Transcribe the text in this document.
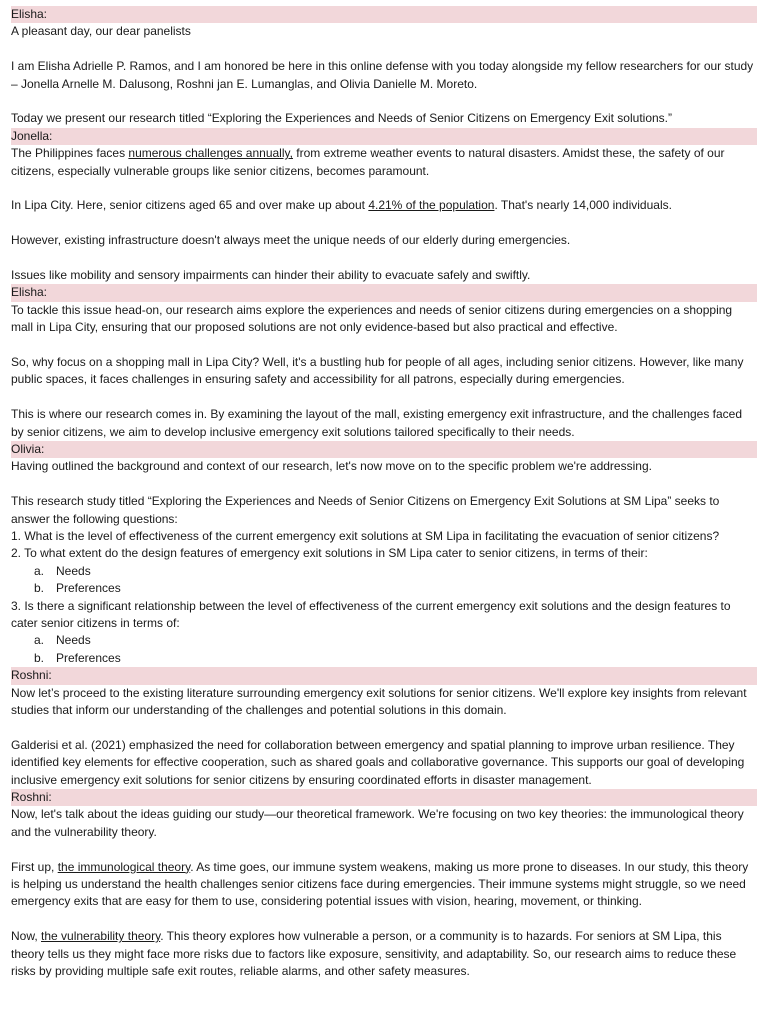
Elisha:
A pleasant day, our dear panelists
I am Elisha Adrielle P. Ramos, and I am honored be here in this online defense with you today alongside my fellow researchers for our study – Jonella Arnelle M. Dalusong, Roshni jan E. Lumanglas, and Olivia Danielle M. Moreto.
Today we present our research titled “Exploring the Experiences and Needs of Senior Citizens on Emergency Exit solutions.”
Jonella:
The Philippines faces numerous challenges annually, from extreme weather events to natural disasters. Amidst these, the safety of our citizens, especially vulnerable groups like senior citizens, becomes paramount.
In Lipa City. Here, senior citizens aged 65 and over make up about 4.21% of the population. That's nearly 14,000 individuals.
However, existing infrastructure doesn't always meet the unique needs of our elderly during emergencies.
Issues like mobility and sensory impairments can hinder their ability to evacuate safely and swiftly.
Elisha:
To tackle this issue head-on, our research aims explore the experiences and needs of senior citizens during emergencies on a shopping mall in Lipa City, ensuring that our proposed solutions are not only evidence-based but also practical and effective.
So, why focus on a shopping mall in Lipa City? Well, it's a bustling hub for people of all ages, including senior citizens. However, like many public spaces, it faces challenges in ensuring safety and accessibility for all patrons, especially during emergencies.
This is where our research comes in. By examining the layout of the mall, existing emergency exit infrastructure, and the challenges faced by senior citizens, we aim to develop inclusive emergency exit solutions tailored specifically to their needs.
Olivia:
Having outlined the background and context of our research, let's now move on to the specific problem we're addressing.
This research study titled “Exploring the Experiences and Needs of Senior Citizens on Emergency Exit Solutions at SM Lipa” seeks to answer the following questions:
1. What is the level of effectiveness of the current emergency exit solutions at SM Lipa in facilitating the evacuation of senior citizens?
2. To what extent do the design features of emergency exit solutions in SM Lipa cater to senior citizens, in terms of their:
a. Needs
b. Preferences
3. Is there a significant relationship between the level of effectiveness of the current emergency exit solutions and the design features to cater senior citizens in terms of:
a. Needs
b. Preferences
Roshni:
Now let’s proceed to the existing literature surrounding emergency exit solutions for senior citizens. We'll explore key insights from relevant studies that inform our understanding of the challenges and potential solutions in this domain.
Galderisi et al. (2021) emphasized the need for collaboration between emergency and spatial planning to improve urban resilience. They identified key elements for effective cooperation, such as shared goals and collaborative governance. This supports our goal of developing inclusive emergency exit solutions for senior citizens by ensuring coordinated efforts in disaster management.
Roshni:
Now, let's talk about the ideas guiding our study—our theoretical framework. We're focusing on two key theories: the immunological theory and the vulnerability theory.
First up, the immunological theory. As time goes, our immune system weakens, making us more prone to diseases. In our study, this theory is helping us understand the health challenges senior citizens face during emergencies. Their immune systems might struggle, so we need emergency exits that are easy for them to use, considering potential issues with vision, hearing, movement, or thinking.
Now, the vulnerability theory. This theory explores how vulnerable a person, or a community is to hazards. For seniors at SM Lipa, this theory tells us they might face more risks due to factors like exposure, sensitivity, and adaptability. So, our research aims to reduce these risks by providing multiple safe exit routes, reliable alarms, and other safety measures.
